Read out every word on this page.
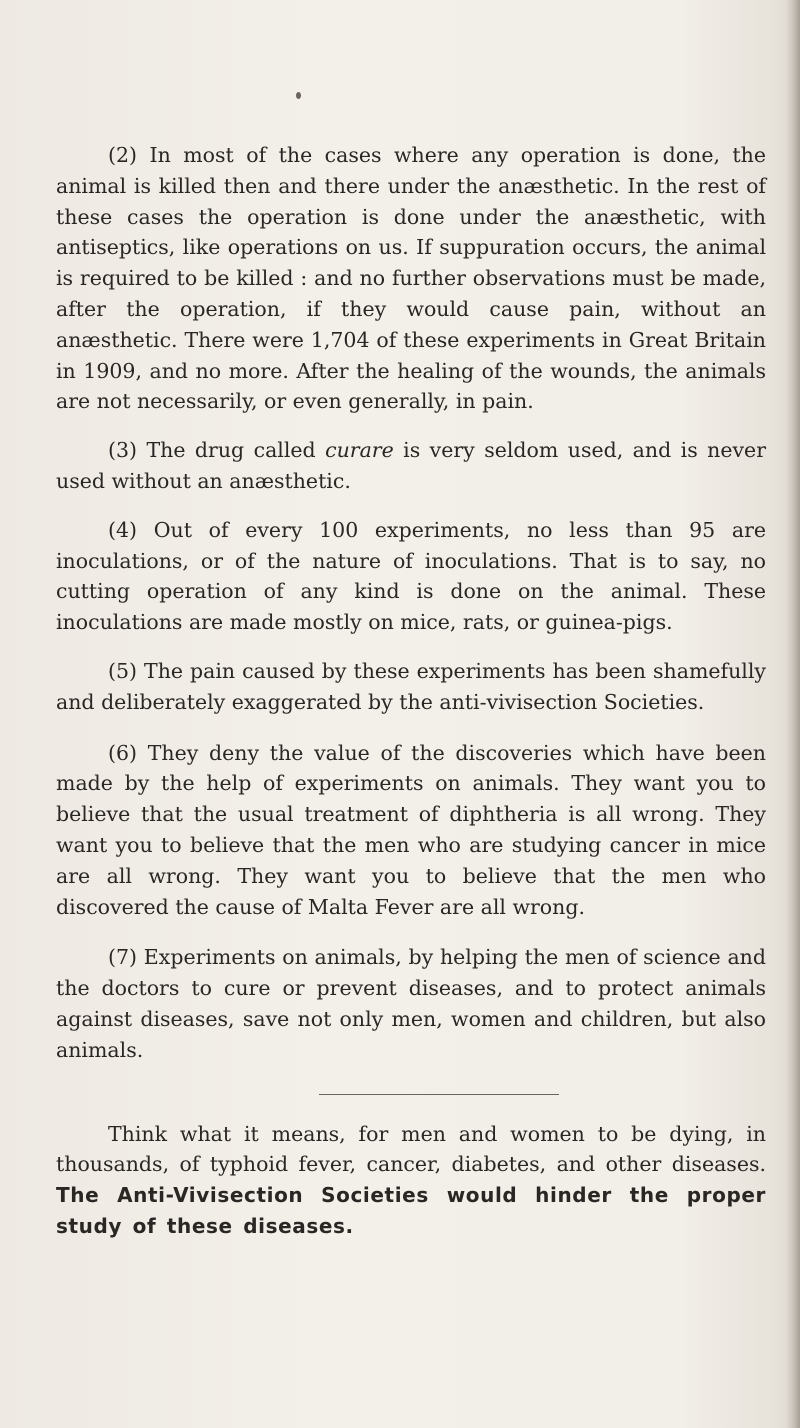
(2) In most of the cases where any operation is done, the animal is killed then and there under the anæsthetic. In the rest of these cases the operation is done under the anæsthetic, with antiseptics, like operations on us. If suppuration occurs, the animal is required to be killed : and no further observations must be made, after the operation, if they would cause pain, without an anæsthetic. There were 1,704 of these experiments in Great Britain in 1909, and no more. After the healing of the wounds, the animals are not necessarily, or even generally, in pain.

(3) The drug called curare is very seldom used, and is never used without an anæsthetic.

(4) Out of every 100 experiments, no less than 95 are inoculations, or of the nature of inoculations. That is to say, no cutting operation of any kind is done on the animal. These inoculations are made mostly on mice, rats, or guinea-pigs.

(5) The pain caused by these experiments has been shamefully and deliberately exaggerated by the anti-vivisection Societies.

(6) They deny the value of the discoveries which have been made by the help of experiments on animals. They want you to believe that the usual treatment of diphtheria is all wrong. They want you to believe that the men who are studying cancer in mice are all wrong. They want you to believe that the men who discovered the cause of Malta Fever are all wrong.

(7) Experiments on animals, by helping the men of science and the doctors to cure or prevent diseases, and to protect animals against diseases, save not only men, women and children, but also animals.

Think what it means, for men and women to be dying, in thousands, of typhoid fever, cancer, diabetes, and other diseases. The Anti-Vivisection Societies would hinder the proper study of these diseases.
